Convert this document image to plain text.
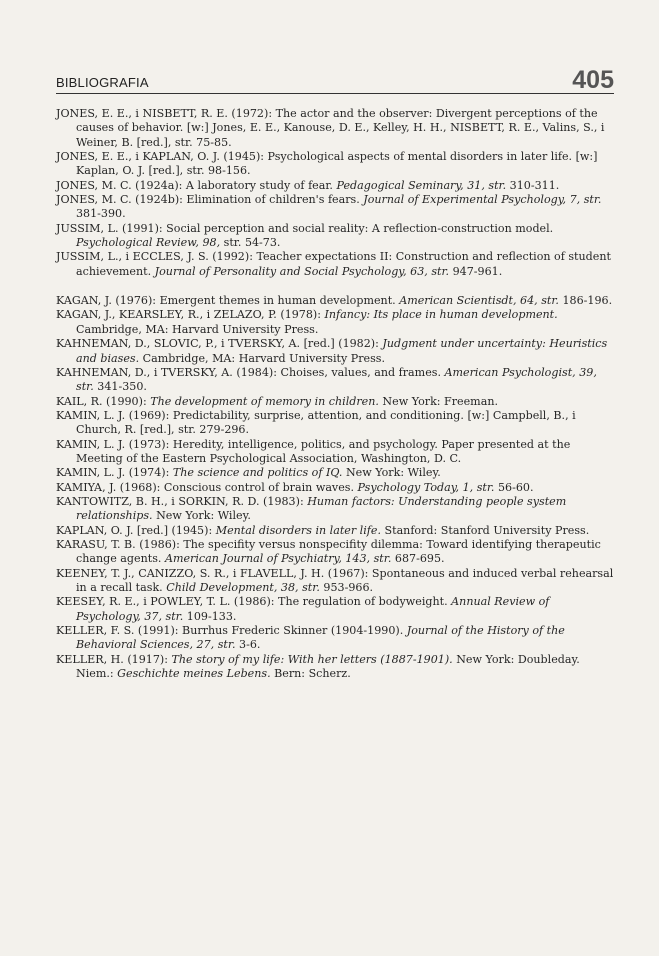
BIBLIOGRAFIA	405

JONES, E. E., i NISBETT, R. E. (1972): The actor and the observer: Divergent perceptions of the causes of behavior. [w:] Jones, E. E., Kanouse, D. E., Kelley, H. H., NISBETT, R. E., Valins, S., i Weiner, B. [red.], str. 75-85.

JONES, E. E., i KAPLAN, O. J. (1945): Psychological aspects of mental disorders in later life. [w:] Kaplan, O. J. [red.], str. 98-156.

JONES, M. C. (1924a): A laboratory study of fear. Pedagogical Seminary, 31, str. 310-311.

JONES, M. C. (1924b): Elimination of children's fears. Journal of Experimental Psychology, 7, str. 381-390.

JUSSIM, L. (1991): Social perception and social reality: A reflection-construction model. Psychological Review, 98, str. 54-73.

JUSSIM, L., i ECCLES, J. S. (1992): Teacher expectations II: Construction and reflection of student achievement. Journal of Personality and Social Psychology, 63, str. 947-961.

KAGAN, J. (1976): Emergent themes in human development. American Scientisdt, 64, str. 186-196.

KAGAN, J., KEARSLEY, R., i ZELAZO, P. (1978): Infancy: Its place in human development. Cambridge, MA: Harvard University Press.

KAHNEMAN, D., SLOVIC, P., i TVERSKY, A. [red.] (1982): Judgment under uncertainty: Heuristics and biases. Cambridge, MA: Harvard University Press.

KAHNEMAN, D., i TVERSKY, A. (1984): Choises, values, and frames. American Psychologist, 39, str. 341-350.

KAIL, R. (1990): The development of memory in children. New York: Freeman.

KAMIN, L. J. (1969): Predictability, surprise, attention, and conditioning. [w:] Campbell, B., i Church, R. [red.], str. 279-296.

KAMIN, L. J. (1973): Heredity, intelligence, politics, and psychology. Paper presented at the Meeting of the Eastern Psychological Association, Washington, D. C.

KAMIN, L. J. (1974): The science and politics of IQ. New York: Wiley.

KAMIYA, J. (1968): Conscious control of brain waves. Psychology Today, 1, str. 56-60.

KANTOWITZ, B. H., i SORKIN, R. D. (1983): Human factors: Understanding people system relationships. New York: Wiley.

KAPLAN, O. J. [red.] (1945): Mental disorders in later life. Stanford: Stanford University Press.

KARASU, T. B. (1986): The specifity versus nonspecifity dilemma: Toward identifying therapeutic change agents. American Journal of Psychiatry, 143, str. 687-695.

KEENEY, T. J., CANIZZO, S. R., i FLAVELL, J. H. (1967): Spontaneous and induced verbal rehearsal in a recall task. Child Development, 38, str. 953-966.

KEESEY, R. E., i POWLEY, T. L. (1986): The regulation of bodyweight. Annual Review of Psychology, 37, str. 109-133.

KELLER, F. S. (1991): Burrhus Frederic Skinner (1904-1990). Journal of the History of the Behavioral Sciences, 27, str. 3-6.

KELLER, H. (1917): The story of my life: With her letters (1887-1901). New York: Doubleday. Niem.: Geschichte meines Lebens. Bern: Scherz.
